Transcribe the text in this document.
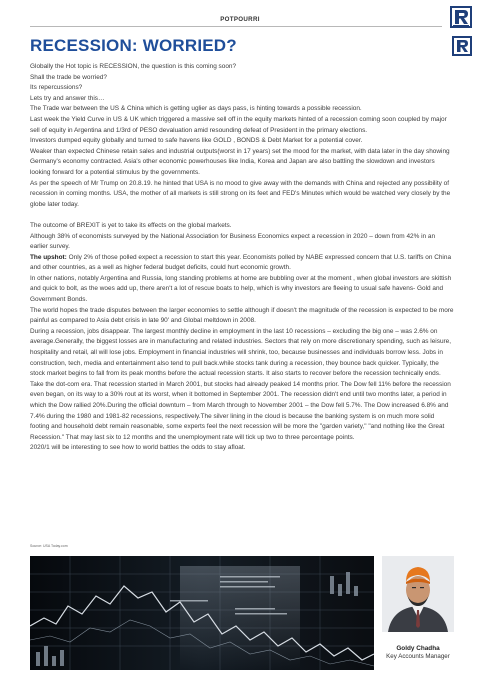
POTPOURRI
RECESSION: WORRIED?

Globally the Hot topic is RECESSION, the question is this coming soon?

Shall the trade be worried?

Its repercussions?

Lets try and answer this…

The Trade war between the US & China which is getting uglier as days pass, is hinting towards a possible recession.

Last week the Yield Curve in US & UK which triggered a massive sell off in the equity markets hinted of a recession coming soon coupled by major sell of equity in Argentina and 1/3rd of PESO devaluation amid resounding defeat of President in the primary elections.

Investors dumped equity globally and turned to safe havens like GOLD , BONDS & Debt Market for a potential cover.

Weaker than expected Chinese retain sales and industrial outputs(worst in 17 years) set the mood for the market, with data later in the day showing Germany's economy contracted. Asia's other economic powerhouses like India, Korea and Japan are also battling the slowdown and investors looking forward for a potential stimulus by the governments.

As per the speech of Mr Trump on 20.8.19. he hinted that USA is no mood to give away with the demands with China and rejected any possibility of recession in coming months. USA, the mother of all markets is still strong on its feet and FED's Minutes which would be watched very closely by the globe later today.

The outcome of BREXIT is yet to take its effects on the global markets.

Although 38% of economists surveyed by the National Association for Business Economics expect a recession in 2020 – down from 42% in an earlier survey.

The upshot: Only 2% of those polled expect a recession to start this year. Economists polled by NABE expressed concern that U.S. tariffs on China and other countries, as a well as higher federal budget deficits, could hurt economic growth.

In other nations, notably Argentina and Russia, long standing problems at home are bubbling over at the moment , when global investors are skittish and quick to bolt, as the woes add up, there aren't a lot of rescue boats to help, which is why investors are fleeing to usual safe havens- Gold and Government Bonds.

The world hopes the trade disputes between the larger economies to settle although if doesn't the magnitude of the recession is expected to be more painful as compared to Asia debt crisis in late 90' and Global meltdown in 2008.

During a recession, jobs disappear. The largest monthly decline in employment in the last 10 recessions – excluding the big one – was 2.6% on average.Generally, the biggest losses are in manufacturing and related industries. Sectors that rely on more discretionary spending, such as leisure, hospitality and retail, all will lose jobs. Employment in financial industries will shrink, too, because businesses and individuals borrow less. Jobs in construction, tech, media and entertainment also tend to pull back.while stocks tank during a recession, they bounce back quicker. Typically, the stock market begins to fall from its peak months before the actual recession starts. It also starts to recover before the recession technically ends.

Take the dot-com era. That recession started in March 2001, but stocks had already peaked 14 months prior. The Dow fell 11% before the recession even began, on its way to a 30% rout at its worst, when it bottomed in September 2001. The recession didn't end until two months later, a period in which the Dow rallied 20%.During the official downturn – from March through to November 2001 – the Dow fell 5.7%. The Dow increased 6.8% and 7.4% during the 1980 and 1981-82 recessions, respectively.The silver lining in the cloud is because the banking system is on much more solid footing and household debt remain reasonable, some experts feel the next recession will be more the "garden variety," "and nothing like the Great Recession." That may last six to 12 months and the unemployment rate will tick up two to three percentage points.

2020/1 will be interesting to see how to world battles the odds to stay afloat.

Source: USA Today.com
Goldy Chadha
Key Accounts Manager
